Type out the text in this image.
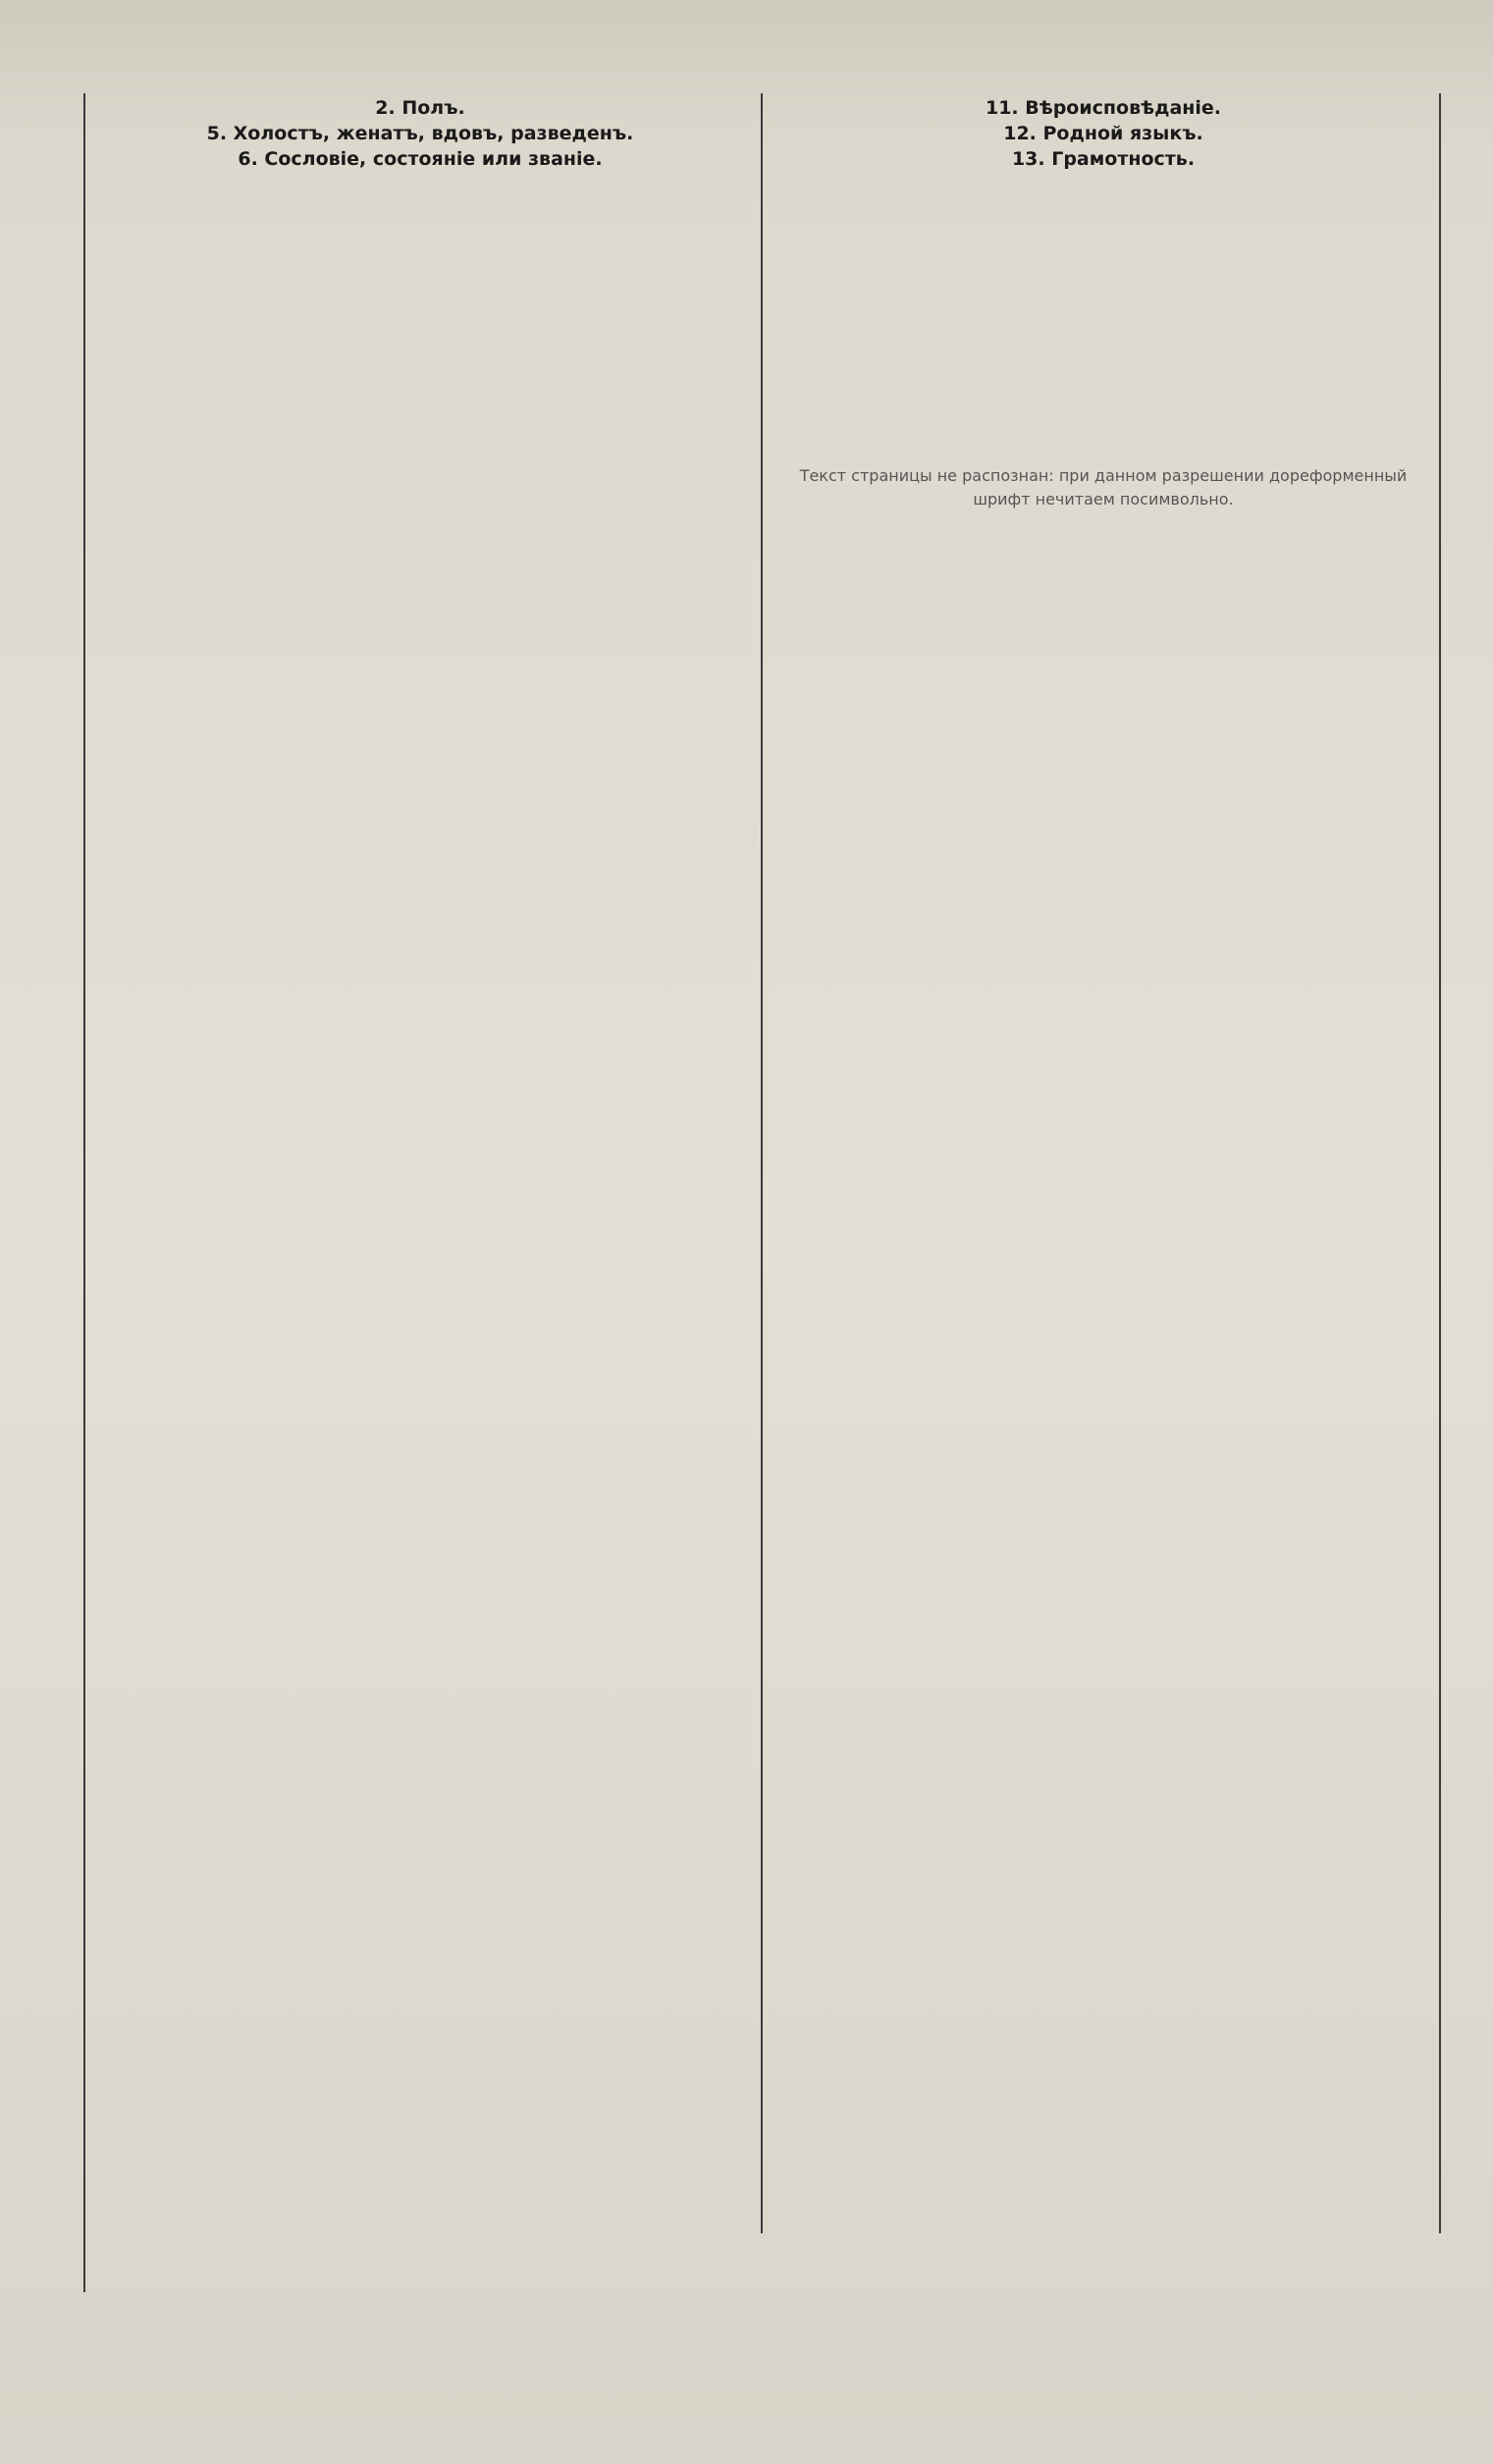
2. Полъ.
5. Холостъ, женатъ, вдовъ, разведенъ.
6. Сословіе, состояніе или званіе.
11. Вѣроисповѣданіе.
12. Родной языкъ.
13. Грамотность.
Текст страницы не распознан: при данном разрешении дореформенный шрифт нечитаем посимвольно.
